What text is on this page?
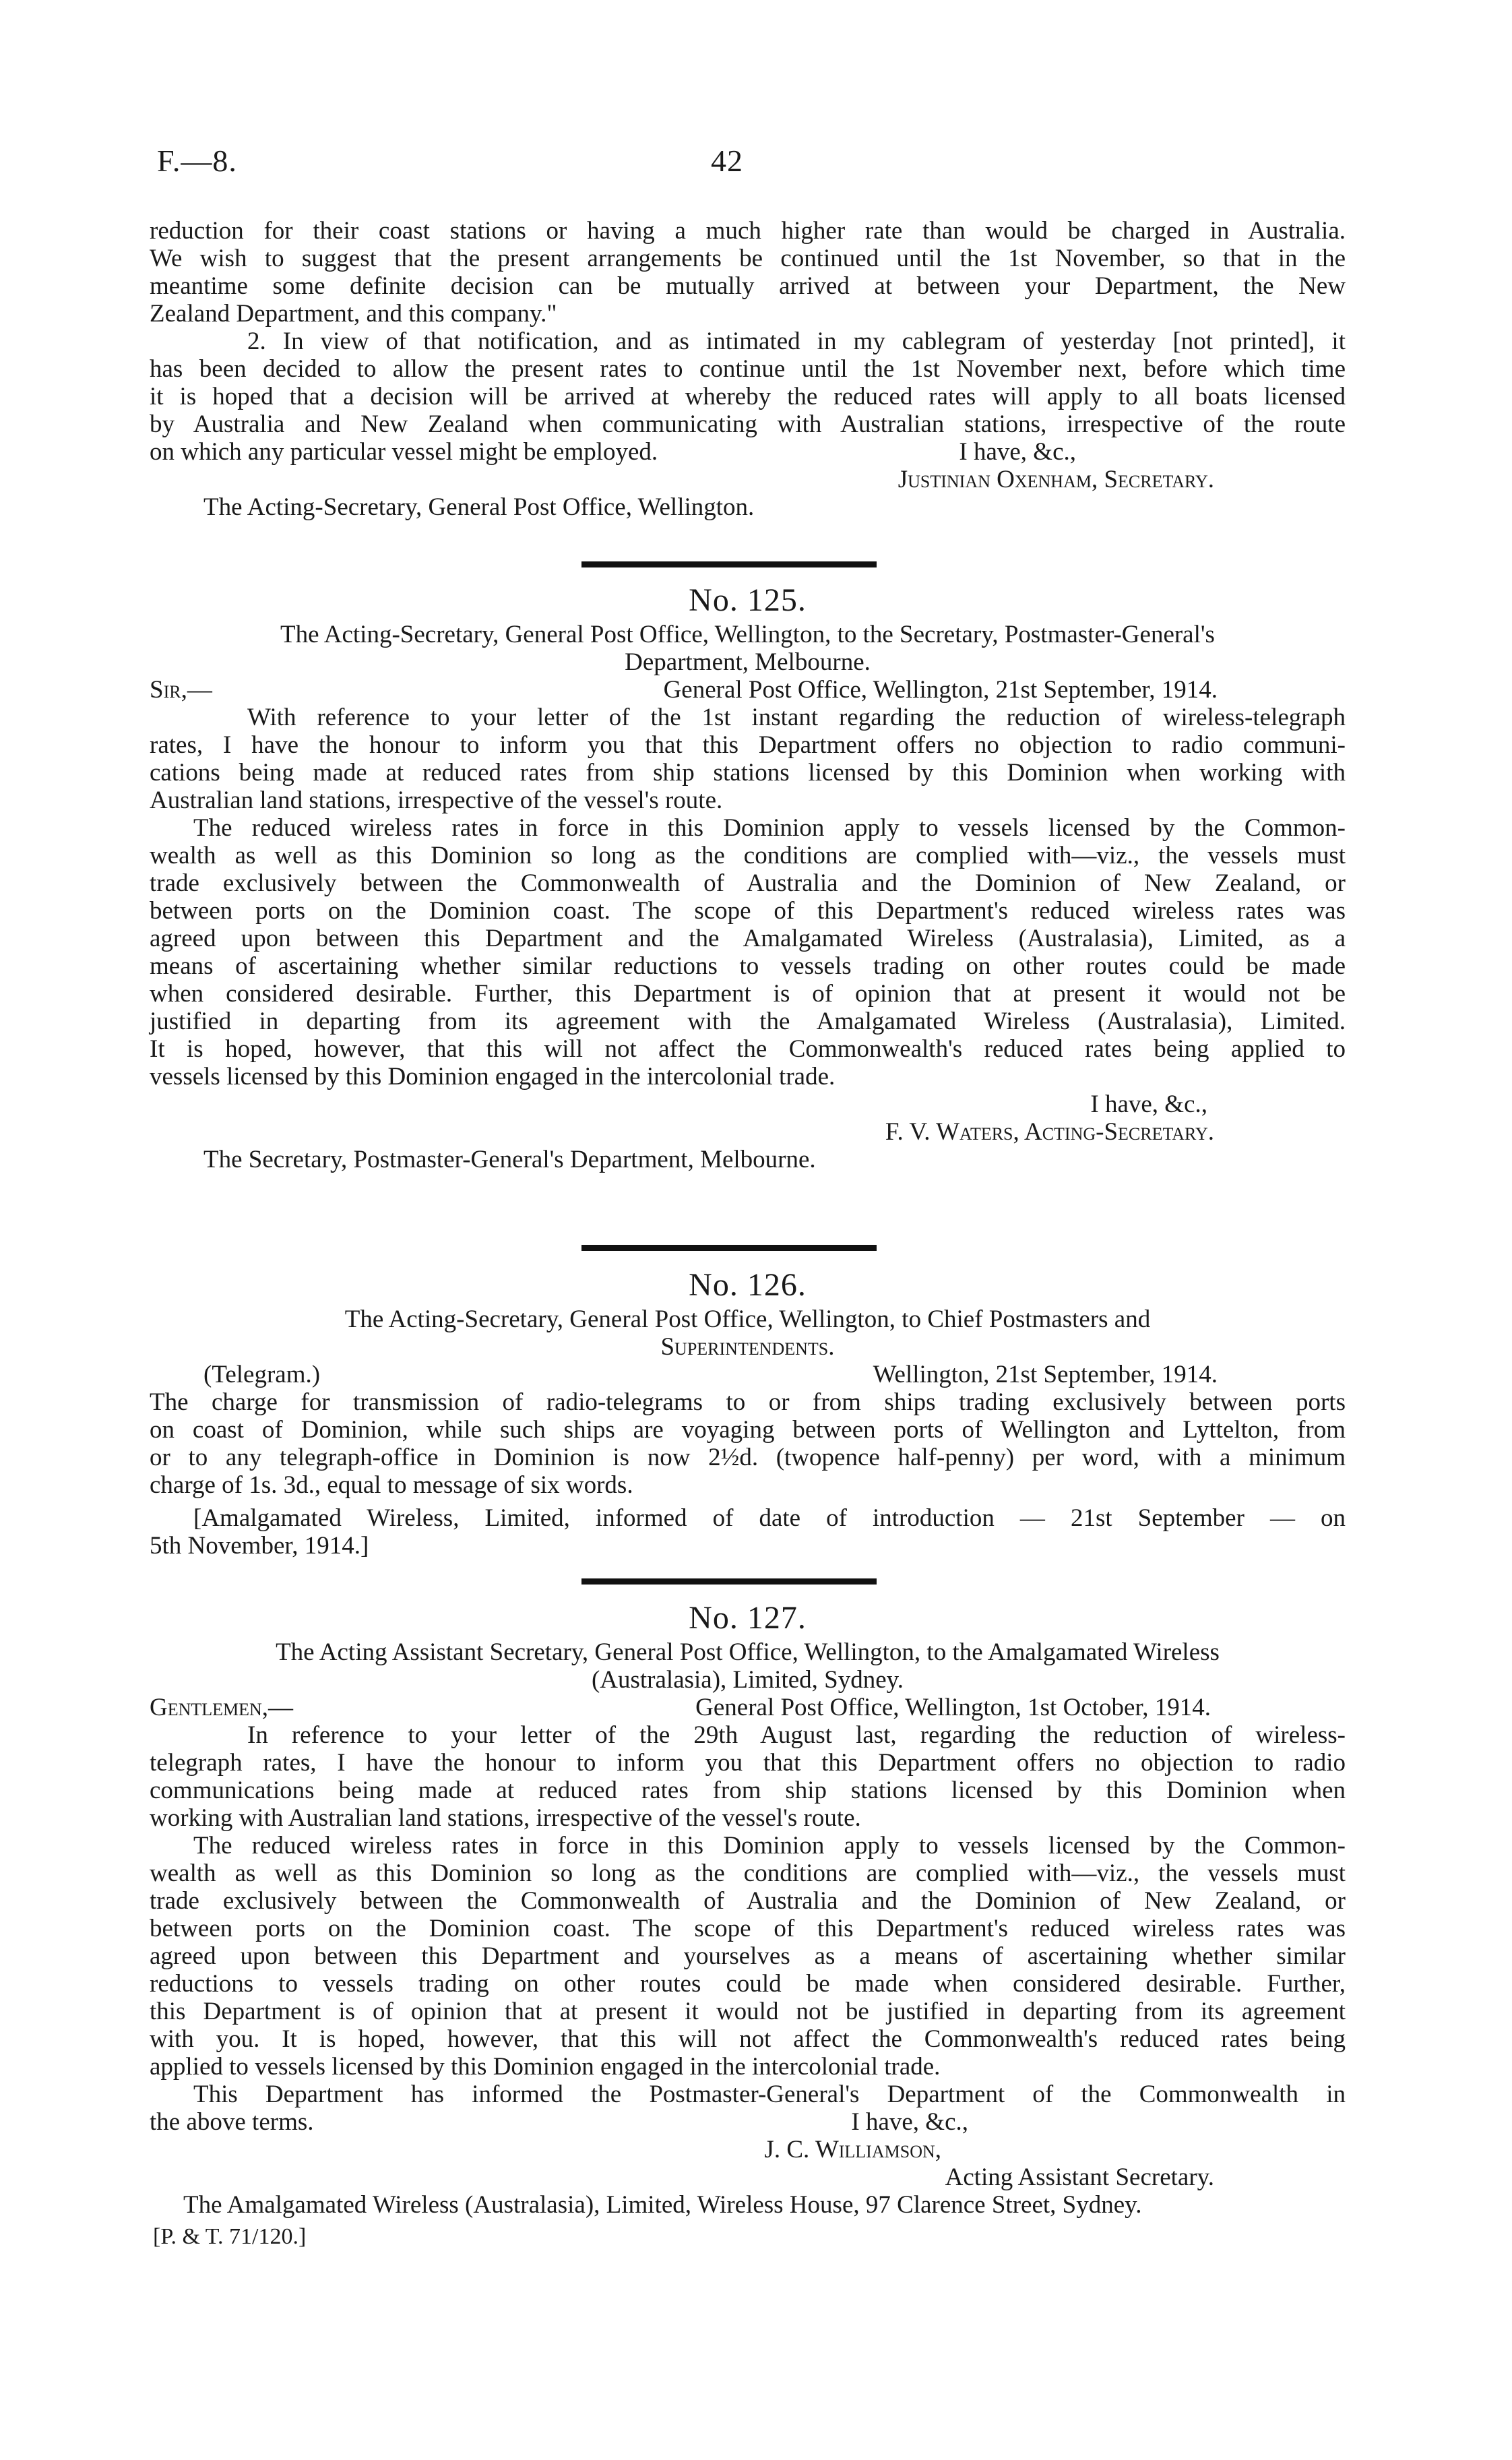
F.—8.	42

reduction for their coast stations or having a much higher rate than would be charged in Australia.

We wish to suggest that the present arrangements be continued until the 1st November, so that in the

meantime some definite decision can be mutually arrived at between your Department, the New

Zealand Department, and this company."

2. In view of that notification, and as intimated in my cablegram of yesterday [not printed], it

has been decided to allow the present rates to continue until the 1st November next, before which time

it is hoped that a decision will be arrived at whereby the reduced rates will apply to all boats licensed

by Australia and New Zealand when communicating with Australian stations, irrespective of the route

on which any particular vessel might be employed.	I have, &c.,

Justinian Oxenham, Secretary.

The Acting-Secretary, General Post Office, Wellington.

No. 125.

The Acting-Secretary, General Post Office, Wellington, to the Secretary, Postmaster-General's

Department, Melbourne.

Sir,—	General Post Office, Wellington, 21st September, 1914.

With reference to your letter of the 1st instant regarding the reduction of wireless-telegraph

rates, I have the honour to inform you that this Department offers no objection to radio communi-

cations being made at reduced rates from ship stations licensed by this Dominion when working with

Australian land stations, irrespective of the vessel's route.

The reduced wireless rates in force in this Dominion apply to vessels licensed by the Common-

wealth as well as this Dominion so long as the conditions are complied with—viz., the vessels must

trade exclusively between the Commonwealth of Australia and the Dominion of New Zealand, or

between ports on the Dominion coast. The scope of this Department's reduced wireless rates was

agreed upon between this Department and the Amalgamated Wireless (Australasia), Limited, as a

means of ascertaining whether similar reductions to vessels trading on other routes could be made

when considered desirable. Further, this Department is of opinion that at present it would not be

justified in departing from its agreement with the Amalgamated Wireless (Australasia), Limited.

It is hoped, however, that this will not affect the Commonwealth's reduced rates being applied to

vessels licensed by this Dominion engaged in the intercolonial trade.

I have, &c.,

F. V. Waters, Acting-Secretary.

The Secretary, Postmaster-General's Department, Melbourne.

No. 126.

The Acting-Secretary, General Post Office, Wellington, to Chief Postmasters and

Superintendents.

(Telegram.)	Wellington, 21st September, 1914.

The charge for transmission of radio-telegrams to or from ships trading exclusively between ports

on coast of Dominion, while such ships are voyaging between ports of Wellington and Lyttelton, from

or to any telegraph-office in Dominion is now 2½d. (twopence half-penny) per word, with a minimum

charge of 1s. 3d., equal to message of six words.

[Amalgamated Wireless, Limited, informed of date of introduction — 21st September — on

5th November, 1914.]

No. 127.

The Acting Assistant Secretary, General Post Office, Wellington, to the Amalgamated Wireless

(Australasia), Limited, Sydney.

Gentlemen,—	General Post Office, Wellington, 1st October, 1914.

In reference to your letter of the 29th August last, regarding the reduction of wireless-

telegraph rates, I have the honour to inform you that this Department offers no objection to radio

communications being made at reduced rates from ship stations licensed by this Dominion when

working with Australian land stations, irrespective of the vessel's route.

The reduced wireless rates in force in this Dominion apply to vessels licensed by the Common-

wealth as well as this Dominion so long as the conditions are complied with—viz., the vessels must

trade exclusively between the Commonwealth of Australia and the Dominion of New Zealand, or

between ports on the Dominion coast. The scope of this Department's reduced wireless rates was

agreed upon between this Department and yourselves as a means of ascertaining whether similar

reductions to vessels trading on other routes could be made when considered desirable. Further,

this Department is of opinion that at present it would not be justified in departing from its agreement

with you. It is hoped, however, that this will not affect the Commonwealth's reduced rates being

applied to vessels licensed by this Dominion engaged in the intercolonial trade.

This Department has informed the Postmaster-General's Department of the Commonwealth in

the above terms.	I have, &c.,

J. C. Williamson,

Acting Assistant Secretary.

The Amalgamated Wireless (Australasia), Limited, Wireless House, 97 Clarence Street, Sydney.

[P. & T. 71/120.]
